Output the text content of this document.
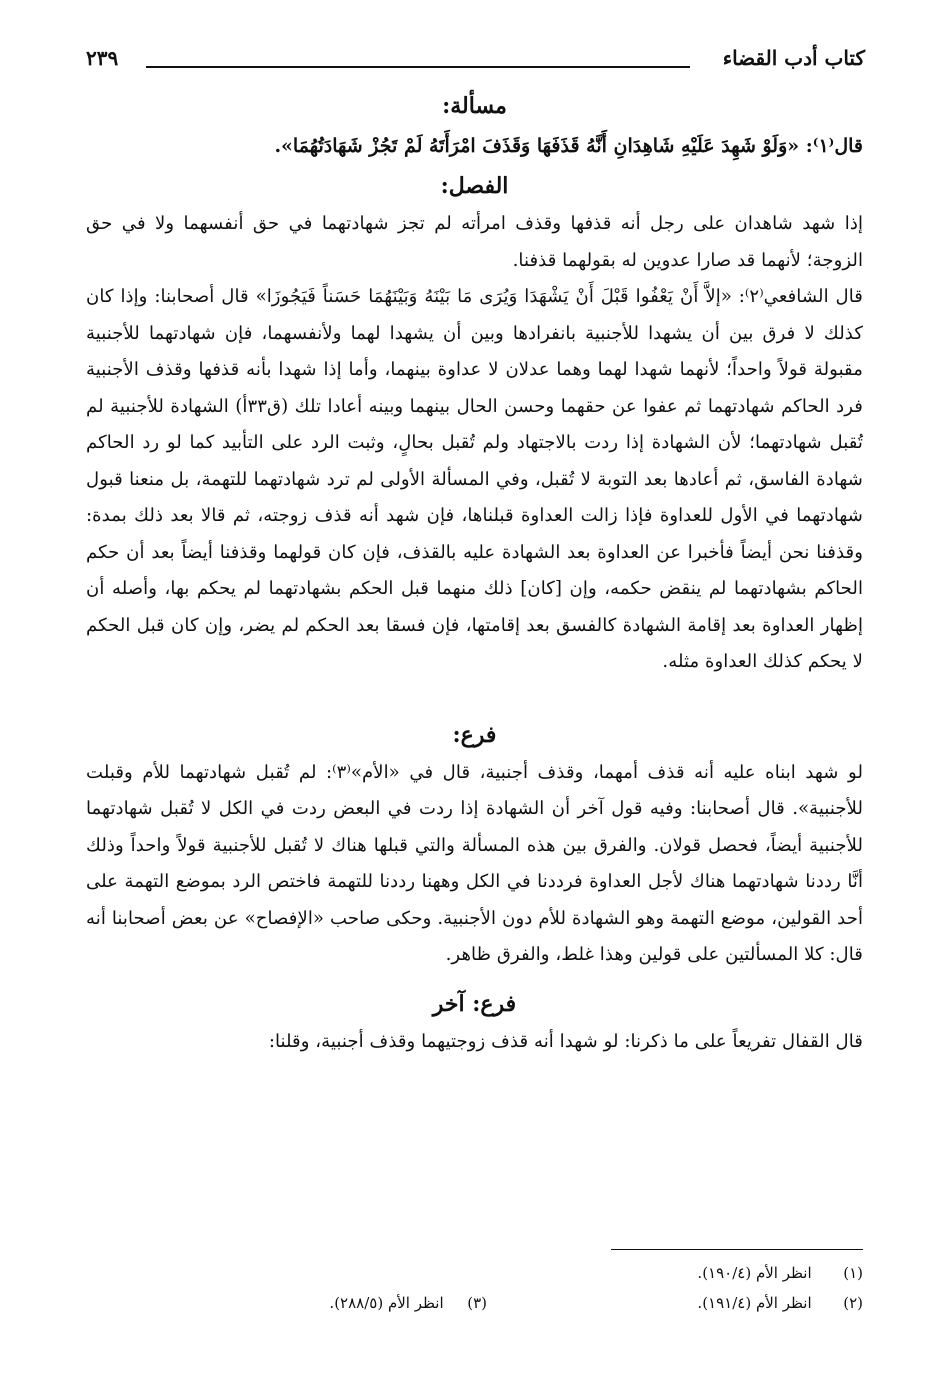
كتاب أدب القضاء
٢٣٩
مسألة:
قال⁽١⁾: «وَلَوْ شَهِدَ عَلَيْهِ شَاهِدَانِ أَنَّهُ قَذَفَهَا وَقَذَفَ امْرَأَتَهُ لَمْ تَجُزْ شَهَادَتُهُمَا».
الفصل:

إذا شهد شاهدان على رجل أنه قذفها وقذف امرأته لم تجز شهادتهما في حق أنفسهما ولا في حق الزوجة؛ لأنهما قد صارا عدوين له بقولهما قذفنا.

قال الشافعي⁽٢⁾: «إلاَّ أَنْ يَعْفُوا قَبْلَ أَنْ يَشْهَدَا وَيُرَى مَا بَيْنَهُ وَبَيْنَهُمَا حَسَناً فَيَجُوزَا» قال أصحابنا: وإذا كان كذلك لا فرق بين أن يشهدا للأجنبية بانفرادها وبين أن يشهدا لهما ولأنفسهما، فإن شهادتهما للأجنبية مقبولة قولاً واحداً؛ لأنهما شهدا لهما وهما عدلان لا عداوة بينهما، وأما إذا شهدا بأنه قذفها وقذف الأجنبية فرد الحاكم شهادتهما ثم عفوا عن حقهما وحسن الحال بينهما وبينه أعادا تلك (ق٣٣أ) الشهادة للأجنبية لم تُقبل شهادتهما؛ لأن الشهادة إذا ردت بالاجتهاد ولم تُقبل بحالٍ، وثبت الرد على التأبيد كما لو رد الحاكم شهادة الفاسق، ثم أعادها بعد التوبة لا تُقبل، وفي المسألة الأولى لم ترد شهادتهما للتهمة، بل منعنا قبول شهادتهما في الأول للعداوة فإذا زالت العداوة قبلناها، فإن شهد أنه قذف زوجته، ثم قالا بعد ذلك بمدة: وقذفنا نحن أيضاً فأخبرا عن العداوة بعد الشهادة عليه بالقذف، فإن كان قولهما وقذفنا أيضاً بعد أن حكم الحاكم بشهادتهما لم ينقض حكمه، وإن [كان] ذلك منهما قبل الحكم بشهادتهما لم يحكم بها، وأصله أن إظهار العداوة بعد إقامة الشهادة كالفسق بعد إقامتها، فإن فسقا بعد الحكم لم يضر، وإن كان قبل الحكم لا يحكم كذلك العداوة مثله.

فرع:

لو شهد ابناه عليه أنه قذف أمهما، وقذف أجنبية، قال في «الأم»⁽٣⁾: لم تُقبل شهادتهما للأم وقبلت للأجنبية». قال أصحابنا: وفيه قول آخر أن الشهادة إذا ردت في البعض ردت في الكل لا تُقبل شهادتهما للأجنبية أيضاً، فحصل قولان. والفرق بين هذه المسألة والتي قبلها هناك لا تُقبل للأجنبية قولاً واحداً وذلك أنَّا رددنا شهادتهما هناك لأجل العداوة فرددنا في الكل وههنا رددنا للتهمة فاختص الرد بموضع التهمة على أحد القولين، موضع التهمة وهو الشهادة للأم دون الأجنبية. وحكى صاحب «الإفصاح» عن بعض أصحابنا أنه قال: كلا المسألتين على قولين وهذا غلط، والفرق ظاهر.

فرع: آخر

قال القفال تفريعاً على ما ذكرنا: لو شهدا أنه قذف زوجتيهما وقذف أجنبية، وقلنا:

(١)  انظر الأم (١٩٠/٤).
(٢)  انظر الأم (١٩١/٤).
(٣)  انظر الأم (٢٨٨/٥).
